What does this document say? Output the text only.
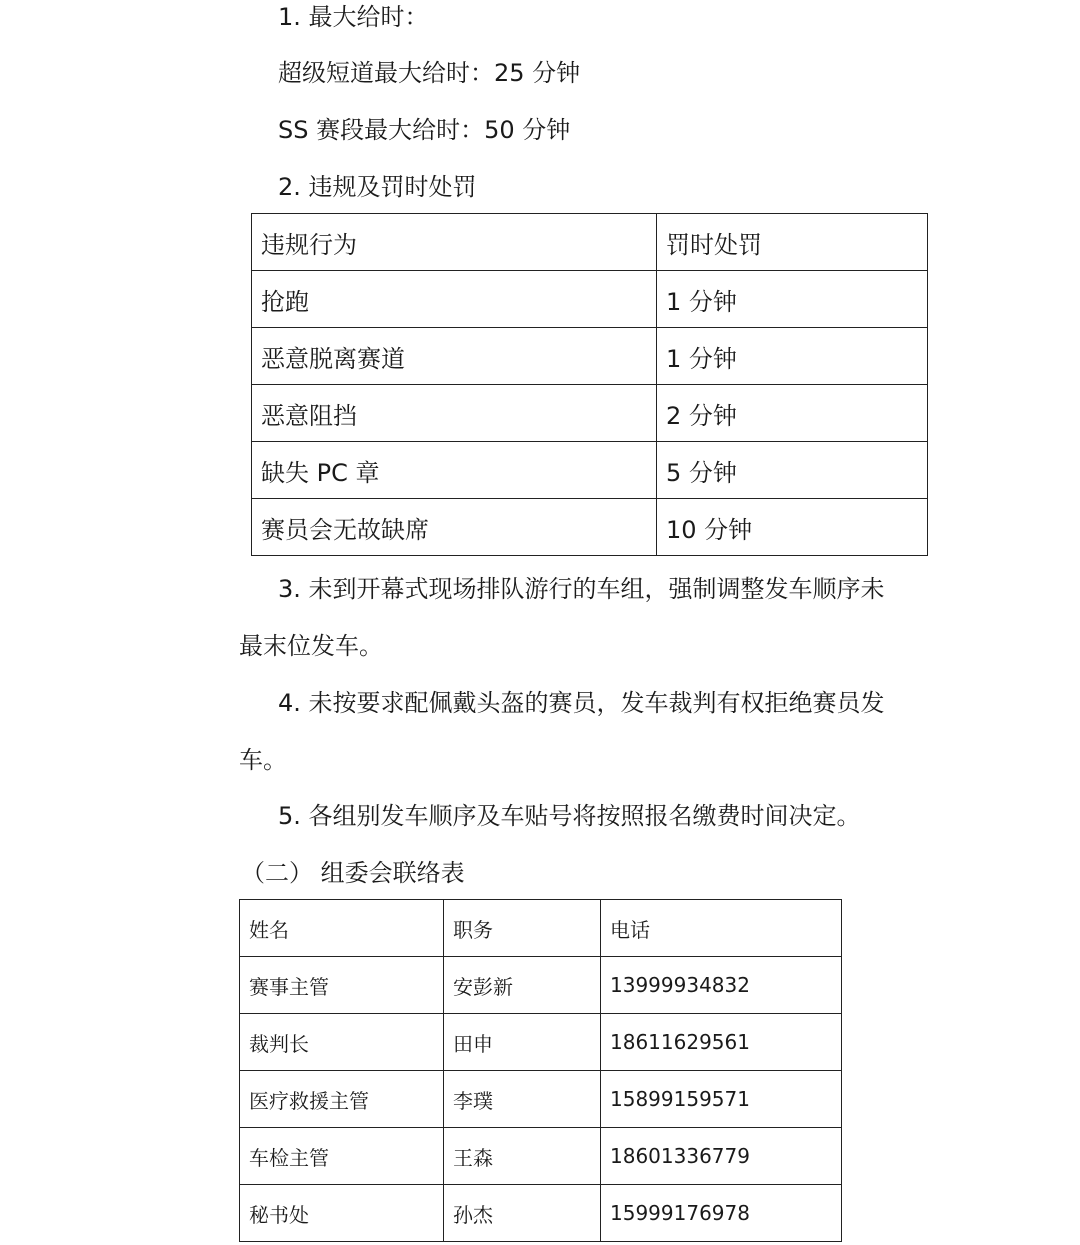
1. 最大给时：

超级短道最大给时：25 分钟

SS 赛段最大给时：50 分钟

2. 违规及罚时处罚

违规行为	罚时处罚
抢跑	1 分钟
恶意脱离赛道	1 分钟
恶意阻挡	2 分钟
缺失 PC 章	5 分钟
赛员会无故缺席	10 分钟

3. 未到开幕式现场排队游行的车组，强制调整发车顺序未

最末位发车。

4. 未按要求配佩戴头盔的赛员，发车裁判有权拒绝赛员发

车。

5. 各组别发车顺序及车贴号将按照报名缴费时间决定。

（二） 组委会联络表

姓名	职务	电话
赛事主管	安彭新	13999934832
裁判长	田申	18611629561
医疗救援主管	李璞	15899159571
车检主管	王森	18601336779
秘书处	孙杰	15999176978
